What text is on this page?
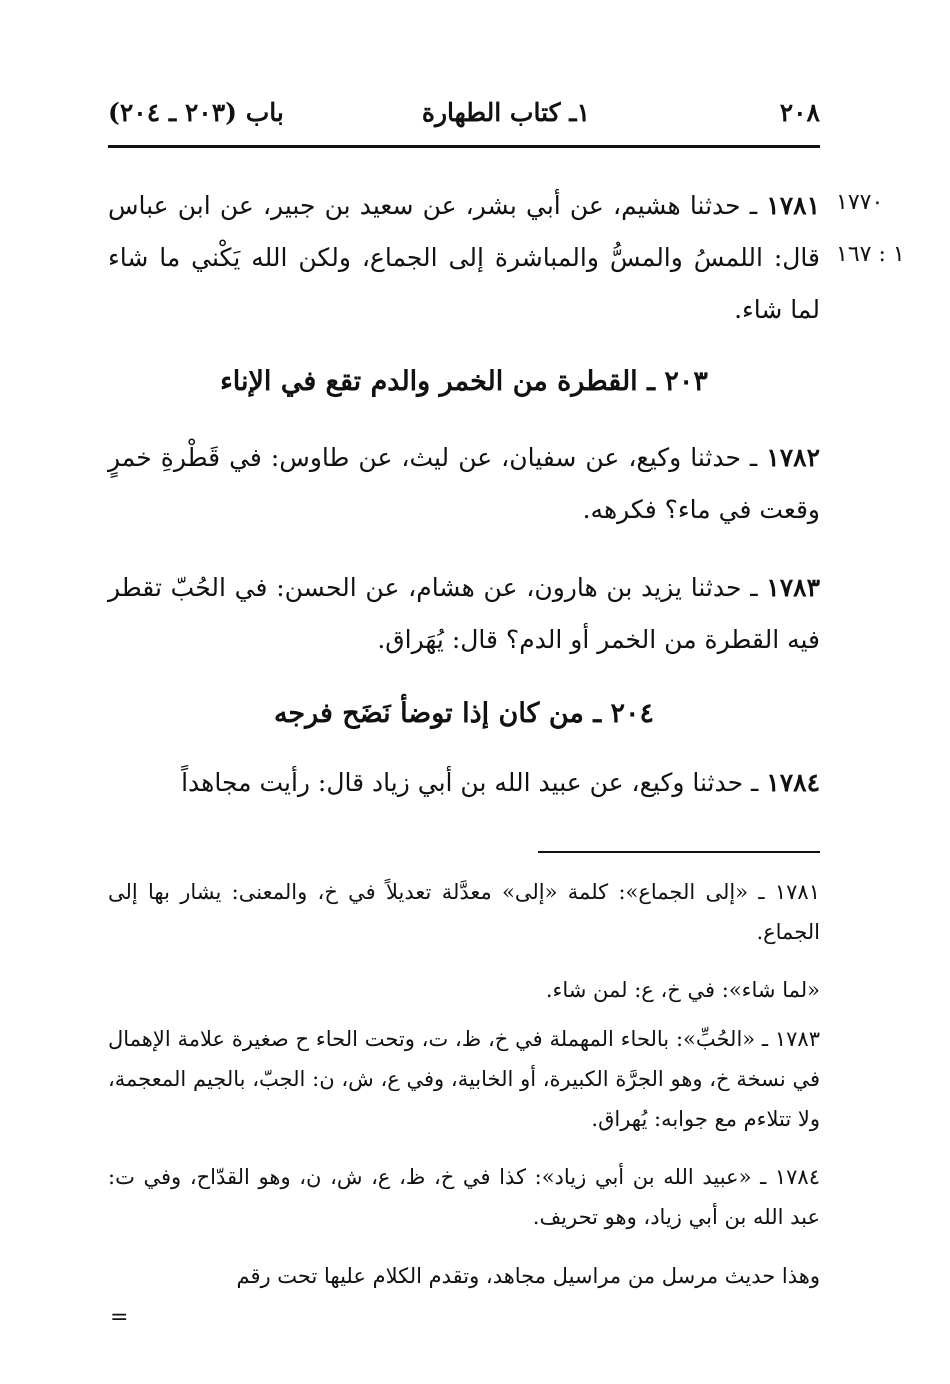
٢٠٨
١ـ كتاب الطهارة
باب (٢٠٣ ـ ٢٠٤)
١٧٧٠
١ : ١٦٧
١٧٨١ ـ حدثنا هشيم، عن أبي بشر، عن سعيد بن جبير، عن ابن عباس قال: اللمسُ والمسُّ والمباشرة إلى الجماع، ولكن الله يَكْني ما شاء لما شاء.
٢٠٣ ـ القطرة من الخمر والدم تقع في الإناء
١٧٨٢ ـ حدثنا وكيع، عن سفيان، عن ليث، عن طاوس: في قَطْرةِ خمرٍ وقعت في ماء؟ فكرهه.
١٧٨٣ ـ حدثنا يزيد بن هارون، عن هشام، عن الحسن: في الحُبّ تقطر فيه القطرة من الخمر أو الدم؟ قال: يُهَراق.
٢٠٤ ـ من كان إذا توضأ نَضَح فرجه
١٧٨٤ ـ حدثنا وكيع، عن عبيد الله بن أبي زياد قال: رأيت مجاهداً
١٧٨١ ـ «إلى الجماع»: كلمة «إلى» معدَّلة تعديلاً في خ، والمعنى: يشار بها إلى الجماع.
«لما شاء»: في خ، ع: لمن شاء.
١٧٨٣ ـ «الحُبِّ»: بالحاء المهملة في خ، ظ، ت، وتحت الحاء ح صغيرة علامة الإهمال في نسخة خ، وهو الجرَّة الكبيرة، أو الخابية، وفي ع، ش، ن: الجبّ، بالجيم المعجمة، ولا تتلاءم مع جوابه: يُهراق.
١٧٨٤ ـ «عبيد الله بن أبي زياد»: كذا في خ، ظ، ع، ش، ن، وهو القدّاح، وفي ت: عبد الله بن أبي زياد، وهو تحريف.
وهذا حديث مرسل من مراسيل مجاهد، وتقدم الكلام عليها تحت رقم
=
